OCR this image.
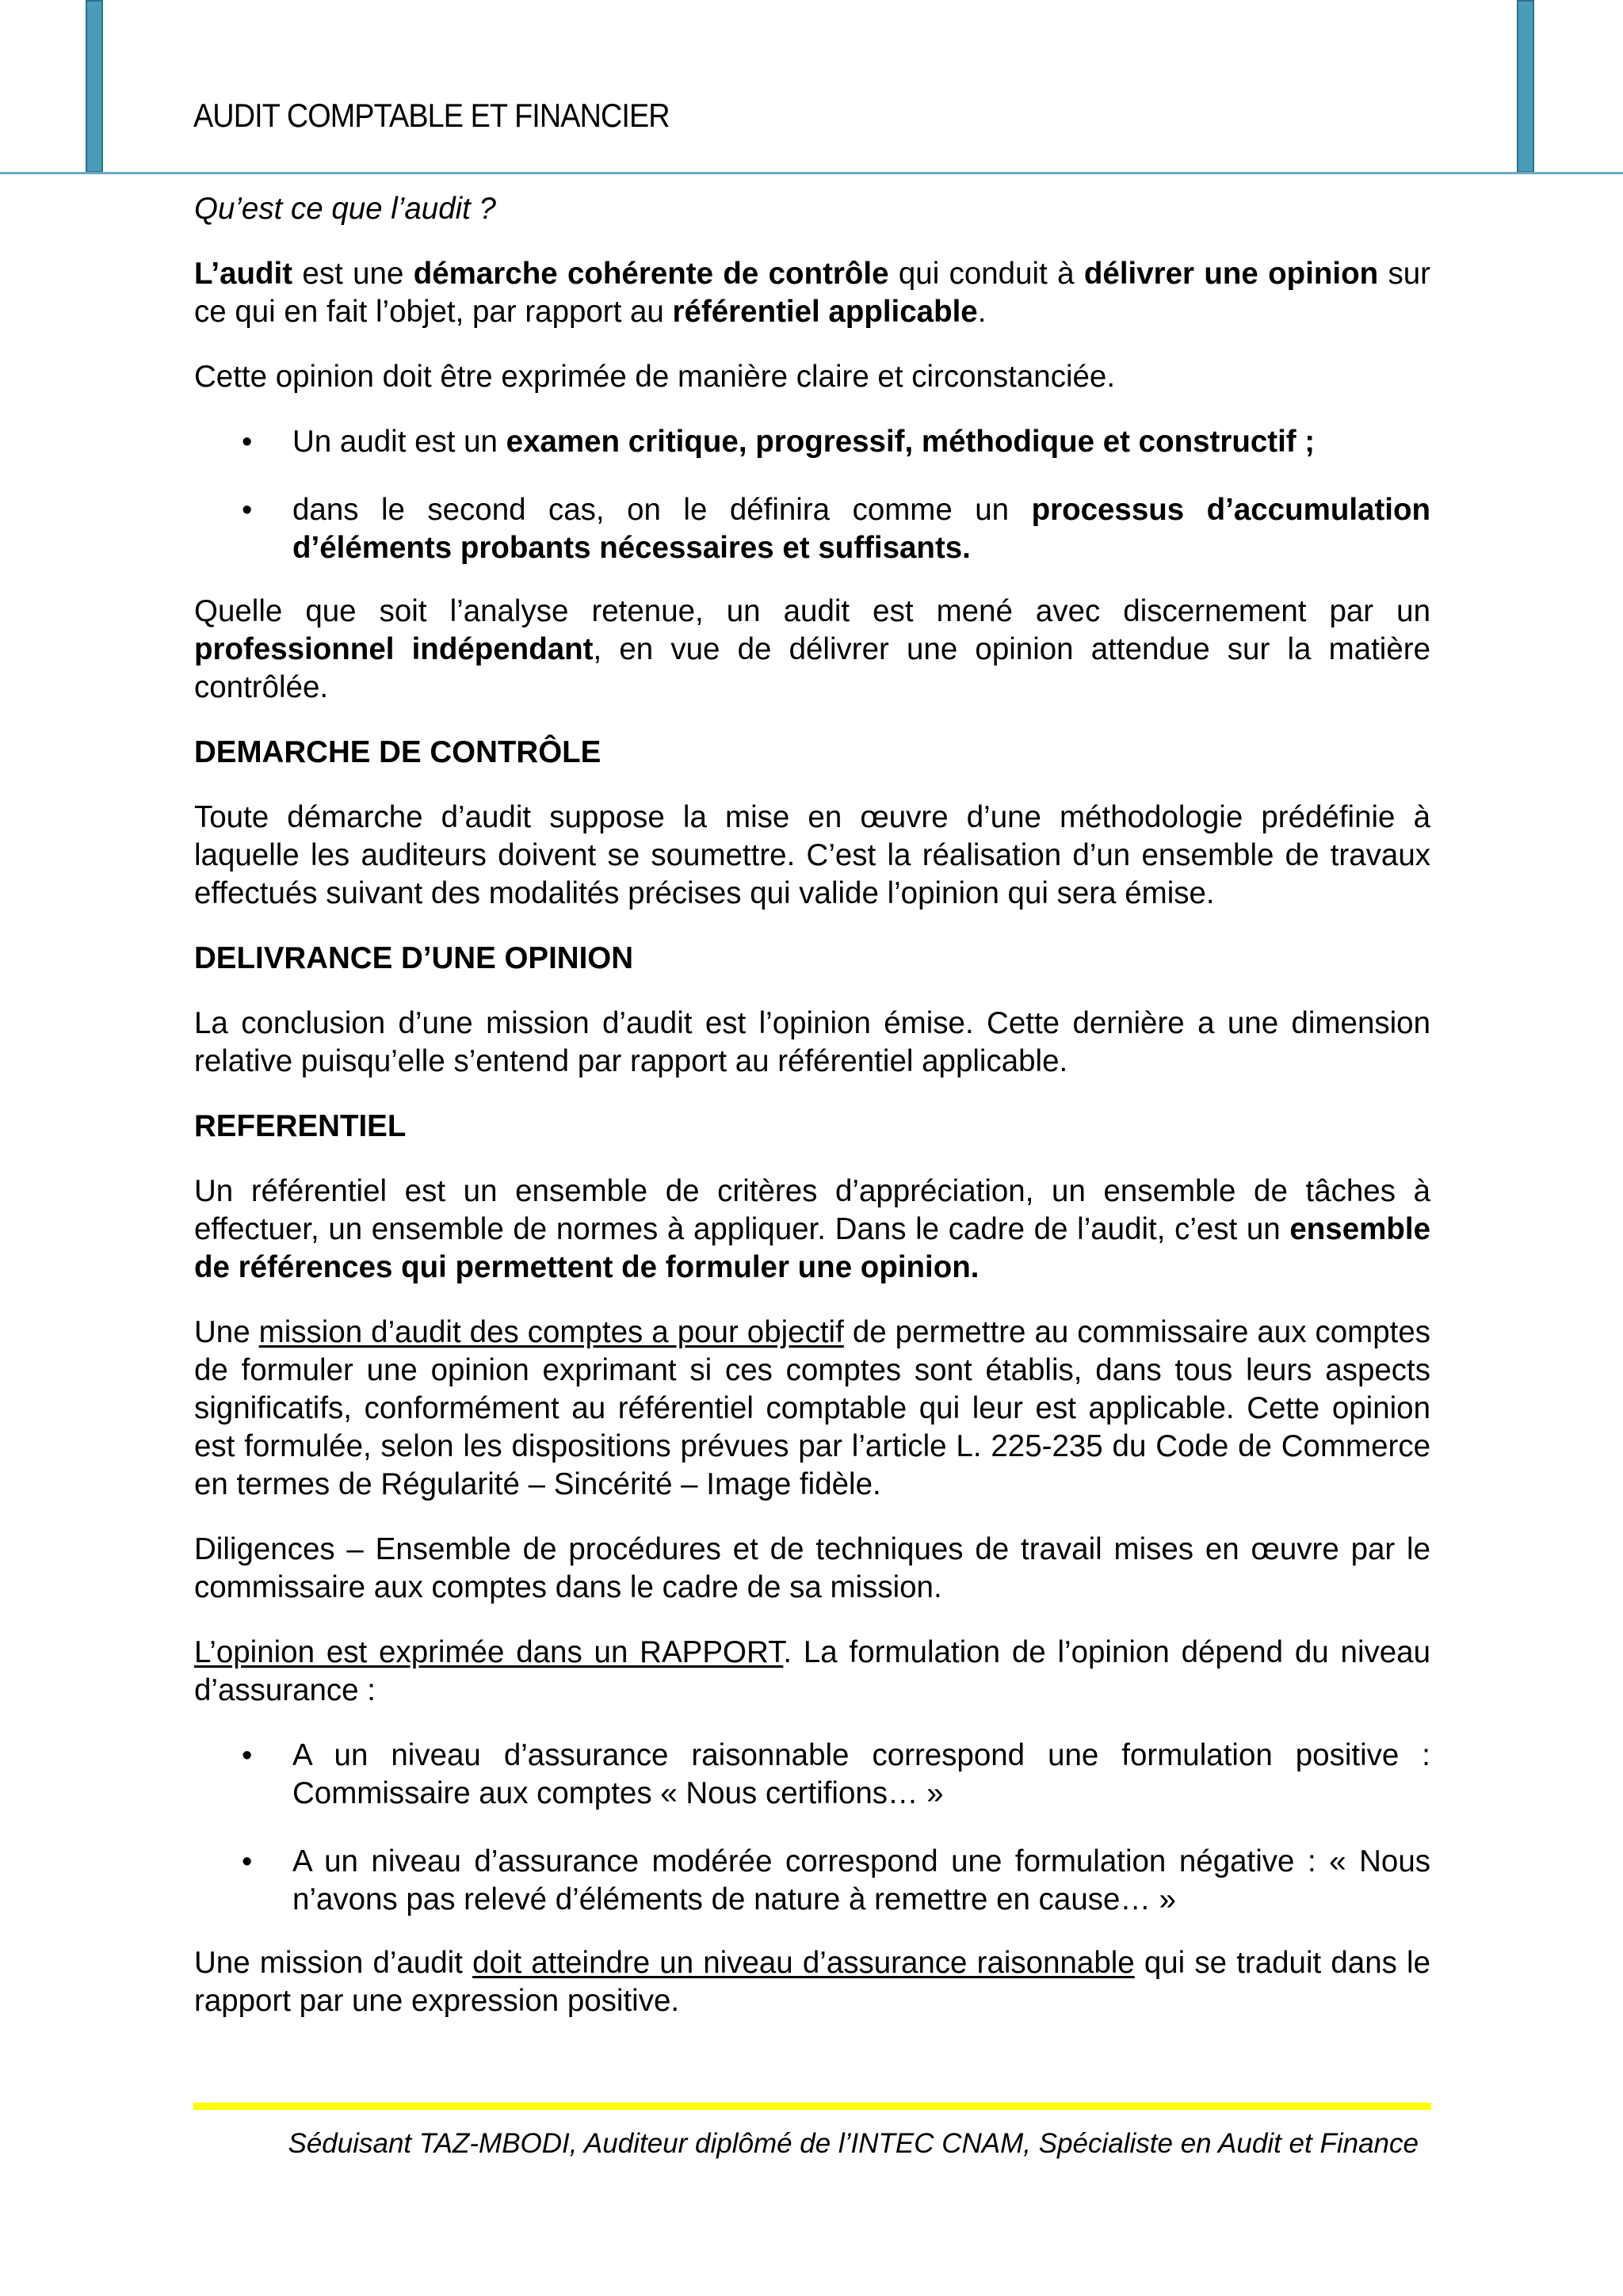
AUDIT COMPTABLE ET FINANCIER

Qu’est ce que l’audit ?

L’audit est une démarche cohérente de contrôle qui conduit à délivrer une opinion sur ce qui en fait l’objet, par rapport au référentiel applicable.

Cette opinion doit être exprimée de manière claire et circonstanciée.

• Un audit est un examen critique, progressif, méthodique et constructif ;
• dans le second cas, on le définira comme un processus d’accumulation d’éléments probants nécessaires et suffisants.

Quelle que soit l’analyse retenue, un audit est mené avec discernement par un professionnel indépendant, en vue de délivrer une opinion attendue sur la matière contrôlée.

DEMARCHE DE CONTRÔLE

Toute démarche d’audit suppose la mise en œuvre d’une méthodologie prédéfinie à laquelle les auditeurs doivent se soumettre. C’est la réalisation d’un ensemble de travaux effectués suivant des modalités précises qui valide l’opinion qui sera émise.

DELIVRANCE D’UNE OPINION

La conclusion d’une mission d’audit est l’opinion émise. Cette dernière a une dimension relative puisqu’elle s’entend par rapport au référentiel applicable.

REFERENTIEL

Un référentiel est un ensemble de critères d’appréciation, un ensemble de tâches à effectuer, un ensemble de normes à appliquer. Dans le cadre de l’audit, c’est un ensemble de références qui permettent de formuler une opinion.

Une mission d’audit des comptes a pour objectif de permettre au commissaire aux comptes de formuler une opinion exprimant si ces comptes sont établis, dans tous leurs aspects significatifs, conformément au référentiel comptable qui leur est applicable. Cette opinion est formulée, selon les dispositions prévues par l’article L. 225-235 du Code de Commerce en termes de Régularité – Sincérité – Image fidèle.

Diligences – Ensemble de procédures et de techniques de travail mises en œuvre par le commissaire aux comptes dans le cadre de sa mission.

L’opinion est exprimée dans un RAPPORT. La formulation de l’opinion dépend du niveau d’assurance :

• A un niveau d’assurance raisonnable correspond une formulation positive : Commissaire aux comptes « Nous certifions… »
• A un niveau d’assurance modérée correspond une formulation négative : « Nous n’avons pas relevé d’éléments de nature à remettre en cause… »

Une mission d’audit doit atteindre un niveau d’assurance raisonnable qui se traduit dans le rapport par une expression positive.

Séduisant TAZ-MBODI, Auditeur diplômé de l’INTEC CNAM, Spécialiste en Audit et Finance
